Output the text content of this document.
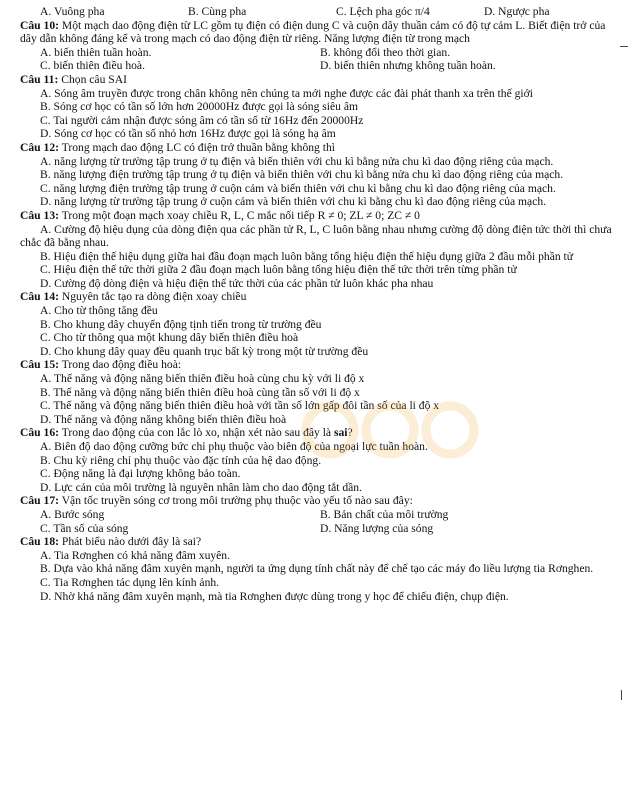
A. Vuông pha	B. Cùng pha	C. Lệch pha góc π/4	D. Ngược pha

Câu 10: Một mạch dao động điện từ LC gồm tụ điện có điện dung C và cuộn dây thuần cảm có độ tự cảm L. Biết điện trở của dây dẫn không đáng kể và trong mạch có dao động điện từ riêng. Năng lượng điện từ trong mạch

A. biến thiên tuần hoàn.	B. không đổi theo thời gian.
C. biến thiên điều hoà.	D. biến thiên nhưng không tuần hoàn.

Câu 11: Chọn câu SAI

A. Sóng âm truyền được trong chân không nên chúng ta mới nghe được các đài phát thanh xa trên thế giới

B. Sóng cơ học có tần số lớn hơn 20000Hz được gọi là sóng siêu âm

C. Tai người cảm nhận được sóng âm có tần số từ 16Hz đến 20000Hz

D. Sóng cơ học có tần số nhỏ hơn 16Hz được gọi là sóng hạ âm

Câu 12: Trong mạch dao động LC có điện trở thuần bằng không thì

A. năng lượng từ trường tập trung ở tụ điện và biến thiên với chu kì bằng nửa chu kì dao động riêng của mạch.

B. năng lượng điện trường tập trung ở tụ điện và biến thiên với chu kì bằng nửa chu kì dao động riêng của mạch.

C. năng lượng điện trường tập trung ở cuộn cảm và biến thiên với chu kì bằng chu kì dao động riêng của mạch.

D. năng lượng từ trường tập trung ở cuộn cảm và biến thiên với chu kì bằng chu kì dao động riêng của mạch.

Câu 13: Trong một đoạn mạch xoay chiều R, L, C mắc nối tiếp R ≠ 0; ZL ≠ 0; ZC ≠ 0

A. Cường độ hiệu dụng của dòng điện qua các phần tử R, L, C luôn bằng nhau nhưng cường độ dòng điện tức thời thì chưa chắc đã bằng nhau.

B. Hiệu điện thế hiệu dụng giữa hai đầu đoạn mạch luôn bằng tổng hiệu điện thế hiệu dụng giữa 2 đầu mỗi phần tử

C. Hiệu điện thế tức thời giữa 2 đầu đoạn mạch luôn bằng tổng hiệu điện thế tức thời trên từng phần tử

D. Cường độ dòng điện và hiệu điện thế tức thời của các phần tử luôn khác pha nhau

Câu 14: Nguyên tắc tạo ra dòng điện xoay chiều

A. Cho từ thông tăng đều

B. Cho khung dây chuyển động tịnh tiến trong từ trường đều

C. Cho từ thông qua một khung dây biến thiên điều hoà

D. Cho khung dây quay đều quanh trục bất kỳ trong một từ trường đều

Câu 15: Trong dao động điều hoà:

A. Thế năng và động năng biến thiên điều hoà cùng chu kỳ với li độ x

B. Thế năng và động năng biến thiên điều hoà cùng tần số với li độ x

C. Thế năng và động năng biến thiên điều hoà với tần số lớn gấp đôi tần số của li độ x

D. Thế năng và động năng không biến thiên điều hoà

Câu 16: Trong dao động của con lắc lò xo, nhận xét nào sau đây là sai?

A. Biên độ dao động cưỡng bức chỉ phụ thuộc vào biên độ của ngoại lực tuần hoàn.

B. Chu kỳ riêng chỉ phụ thuộc vào đặc tính của hệ dao động.

C. Động năng là đại lượng không bảo toàn.

D. Lực cản của môi trường là nguyên nhân làm cho dao động tắt dần.

Câu 17: Vận tốc truyền sóng cơ trong môi trường phụ thuộc vào yếu tố nào sau đây:

A. Bước sóng	B. Bản chất của môi trường
C. Tần số của sóng	D. Năng lượng của sóng

Câu 18: Phát biểu nào dưới đây là sai?

A. Tia Rơnghen có khả năng đâm xuyên.

B. Dựa vào khả năng đâm xuyên mạnh, người ta ứng dụng tính chất này để chế tạo các máy đo liều lượng tia Rơnghen.

C. Tia Rơnghen tác dụng lên kính ảnh.

D. Nhờ khả năng đâm xuyên mạnh, mà tia Rơnghen được dùng trong y học để chiếu điện, chụp điện.
